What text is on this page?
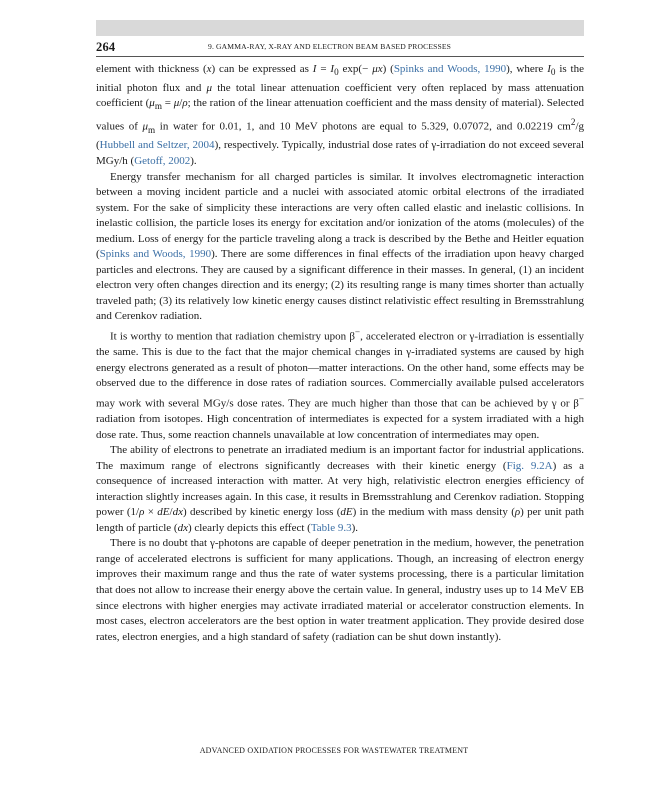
264	9. GAMMA-RAY, X-RAY AND ELECTRON BEAM BASED PROCESSES

element with thickness (x) can be expressed as $I = I_0$ exp(− μx) (Spinks and Woods, 1990), where $I_0$ is the initial photon flux and μ the total linear attenuation coefficient very often replaced by mass attenuation coefficient ($\mu_m = \mu/\rho$; the ration of the linear attenuation coefficient and the mass density of material). Selected values of $\mu_m$ in water for 0.01, 1, and 10 MeV photons are equal to 5.329, 0.07072, and 0.02219 $cm^2/g$ (Hubbell and Seltzer, 2004), respectively. Typically, industrial dose rates of γ-irradiation do not exceed several MGy/h (Getoff, 2002).

Energy transfer mechanism for all charged particles is similar. It involves electromagnetic interaction between a moving incident particle and a nuclei with associated atomic orbital electrons of the irradiated system. For the sake of simplicity these interactions are very often called elastic and inelastic collisions. In inelastic collision, the particle loses its energy for excitation and/or ionization of the atoms (molecules) of the medium. Loss of energy for the particle traveling along a track is described by the Bethe and Heitler equation (Spinks and Woods, 1990). There are some differences in final effects of the irradiation upon heavy charged particles and electrons. They are caused by a significant difference in their masses. In general, (1) an incident electron very often changes direction and its energy; (2) its resulting range is many times shorter than actually traveled path; (3) its relatively low kinetic energy causes distinct relativistic effect resulting in Bremsstrahlung and Cerenkov radiation.

It is worthy to mention that radiation chemistry upon β−, accelerated electron or γ-irradiation is essentially the same. This is due to the fact that the major chemical changes in γ-irradiated systems are caused by high energy electrons generated as a result of photon—matter interactions. On the other hand, some effects may be observed due to the difference in dose rates of radiation sources. Commercially available pulsed accelerators may work with several MGy/s dose rates. They are much higher than those that can be achieved by γ or β− radiation from isotopes. High concentration of intermediates is expected for a system irradiated with a high dose rate. Thus, some reaction channels unavailable at low concentration of intermediates may open.

The ability of electrons to penetrate an irradiated medium is an important factor for industrial applications. The maximum range of electrons significantly decreases with their kinetic energy (Fig. 9.2A) as a consequence of increased interaction with matter. At very high, relativistic electron energies efficiency of interaction slightly increases again. In this case, it results in Bremsstrahlung and Cerenkov radiation. Stopping power (1/ρ × dE/dx) described by kinetic energy loss (dE) in the medium with mass density (ρ) per unit path length of particle (dx) clearly depicts this effect (Table 9.3).

There is no doubt that γ-photons are capable of deeper penetration in the medium, however, the penetration range of accelerated electrons is sufficient for many applications. Though, an increasing of electron energy improves their maximum range and thus the rate of water systems processing, there is a particular limitation that does not allow to increase their energy above the certain value. In general, industry uses up to 14 MeV EB since electrons with higher energies may activate irradiated material or accelerator construction elements. In most cases, electron accelerators are the best option in water treatment application. They provide desired dose rates, electron energies, and a high standard of safety (radiation can be shut down instantly).

ADVANCED OXIDATION PROCESSES FOR WASTEWATER TREATMENT
